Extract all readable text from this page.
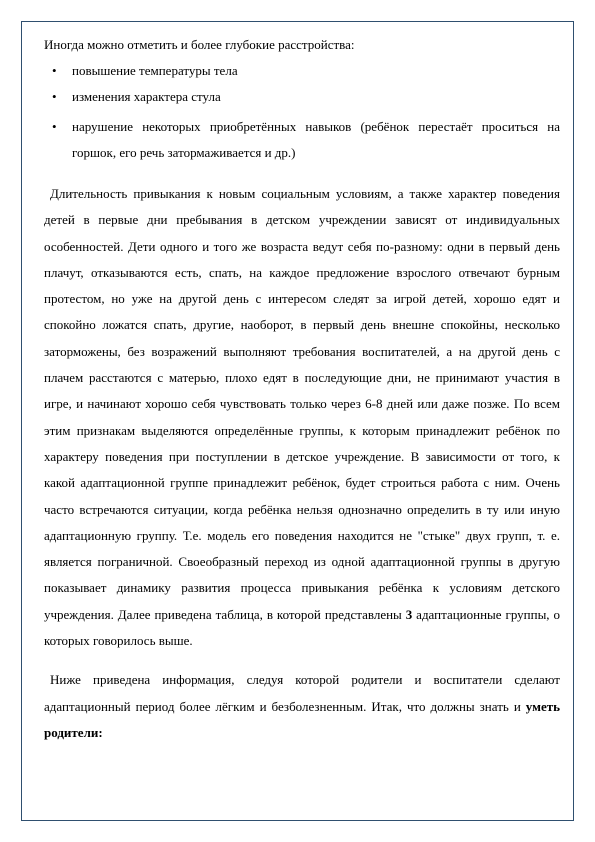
Иногда можно отметить и более глубокие расстройства:

• повышение температуры тела
• изменения характера стула
• нарушение некоторых приобретённых навыков (ребёнок перестаёт проситься на горшок, его речь затормаживается и др.)

Длительность привыкания к новым социальным условиям, а также характер поведения детей в первые дни пребывания в детском учреждении зависят от индивидуальных особенностей. Дети одного и того же возраста ведут себя по-разному: одни в первый день плачут, отказываются есть, спать, на каждое предложение взрослого отвечают бурным протестом, но уже на другой день с интересом следят за игрой детей, хорошо едят и спокойно ложатся спать, другие, наоборот, в первый день внешне спокойны, несколько заторможены, без возражений выполняют требования воспитателей, а на другой день с плачем расстаются с матерью, плохо едят в последующие дни, не принимают участия в игре, и начинают хорошо себя чувствовать только через 6-8 дней или даже позже. По всем этим признакам выделяются определённые группы, к которым принадлежит ребёнок по характеру поведения при поступлении в детское учреждение. В зависимости от того, к какой адаптационной группе принадлежит ребёнок, будет строиться работа с ним. Очень часто встречаются ситуации, когда ребёнка нельзя однозначно определить в ту или иную адаптационную группу. Т.е. модель его поведения находится не "стыке" двух групп, т. е. является пограничной. Своеобразный переход из одной адаптационной группы в другую показывает динамику развития процесса привыкания ребёнка к условиям детского учреждения. Далее приведена таблица, в которой представлены 3 адаптационные группы, о которых говорилось выше.

Ниже приведена информация, следуя которой родители и воспитатели сделают адаптационный период более лёгким и безболезненным. Итак, что должны знать и уметь родители:
